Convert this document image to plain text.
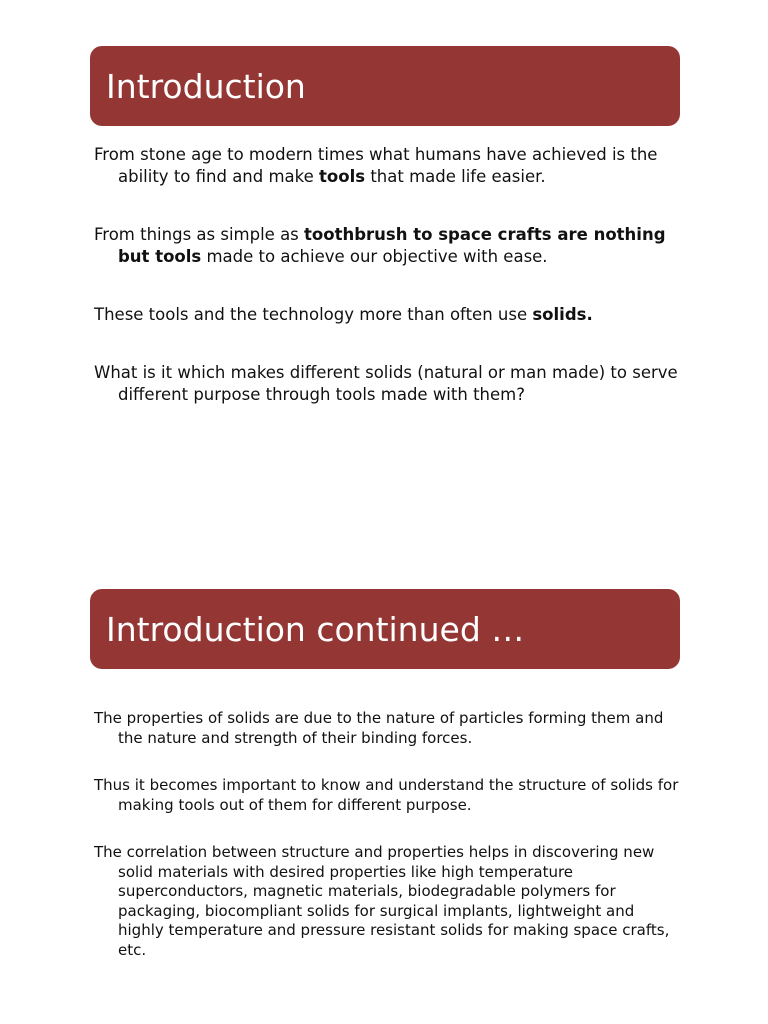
Introduction

From stone age to modern times what humans have achieved is the ability to find and make tools that made life easier.

From things as simple as toothbrush to space crafts are nothing but tools made to achieve our objective with ease.

These tools and the technology more than often use solids.

What is it which makes different solids (natural or man made) to serve different purpose through tools made with them?

Introduction continued …

The properties of solids are due to the nature of particles forming them and the nature and strength of their binding forces.

Thus it becomes important to know and understand the structure of solids for making tools out of them for different purpose.

The correlation between structure and properties helps in discovering new solid materials with desired properties like high temperature superconductors, magnetic materials, biodegradable polymers for packaging, biocompliant solids for surgical implants, lightweight and highly temperature and pressure resistant solids for making space crafts, etc.
